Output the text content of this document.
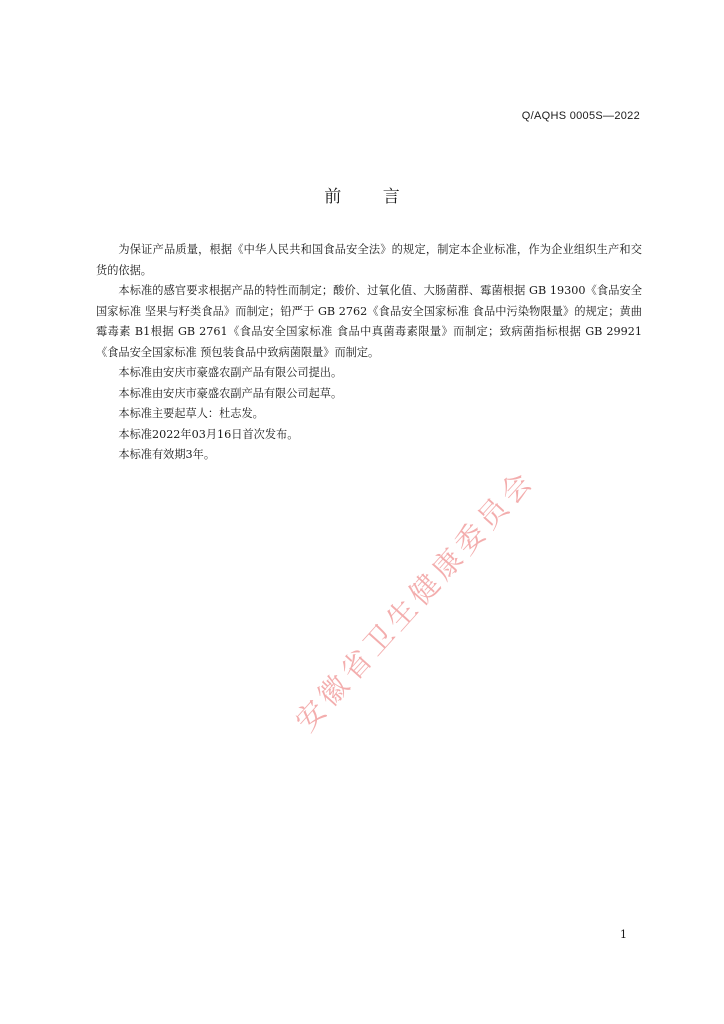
Q/AQHS 0005S—2022
前 言

为保证产品质量，根据《中华人民共和国食品安全法》的规定，制定本企业标准，作为企业组织生产和交货的依据。

本标准的感官要求根据产品的特性而制定；酸价、过氧化值、大肠菌群、霉菌根据 GB 19300《食品安全国家标准 坚果与籽类食品》而制定；铅严于 GB 2762《食品安全国家标准 食品中污染物限量》的规定；黄曲霉毒素 B1根据 GB 2761《食品安全国家标准 食品中真菌毒素限量》而制定；致病菌指标根据 GB 29921《食品安全国家标准 预包装食品中致病菌限量》而制定。

本标准由安庆市豪盛农副产品有限公司提出。

本标准由安庆市豪盛农副产品有限公司起草。

本标准主要起草人：杜志发。

本标准2022年03月16日首次发布。

本标准有效期3年。

安徽省卫生健康委员会
1
